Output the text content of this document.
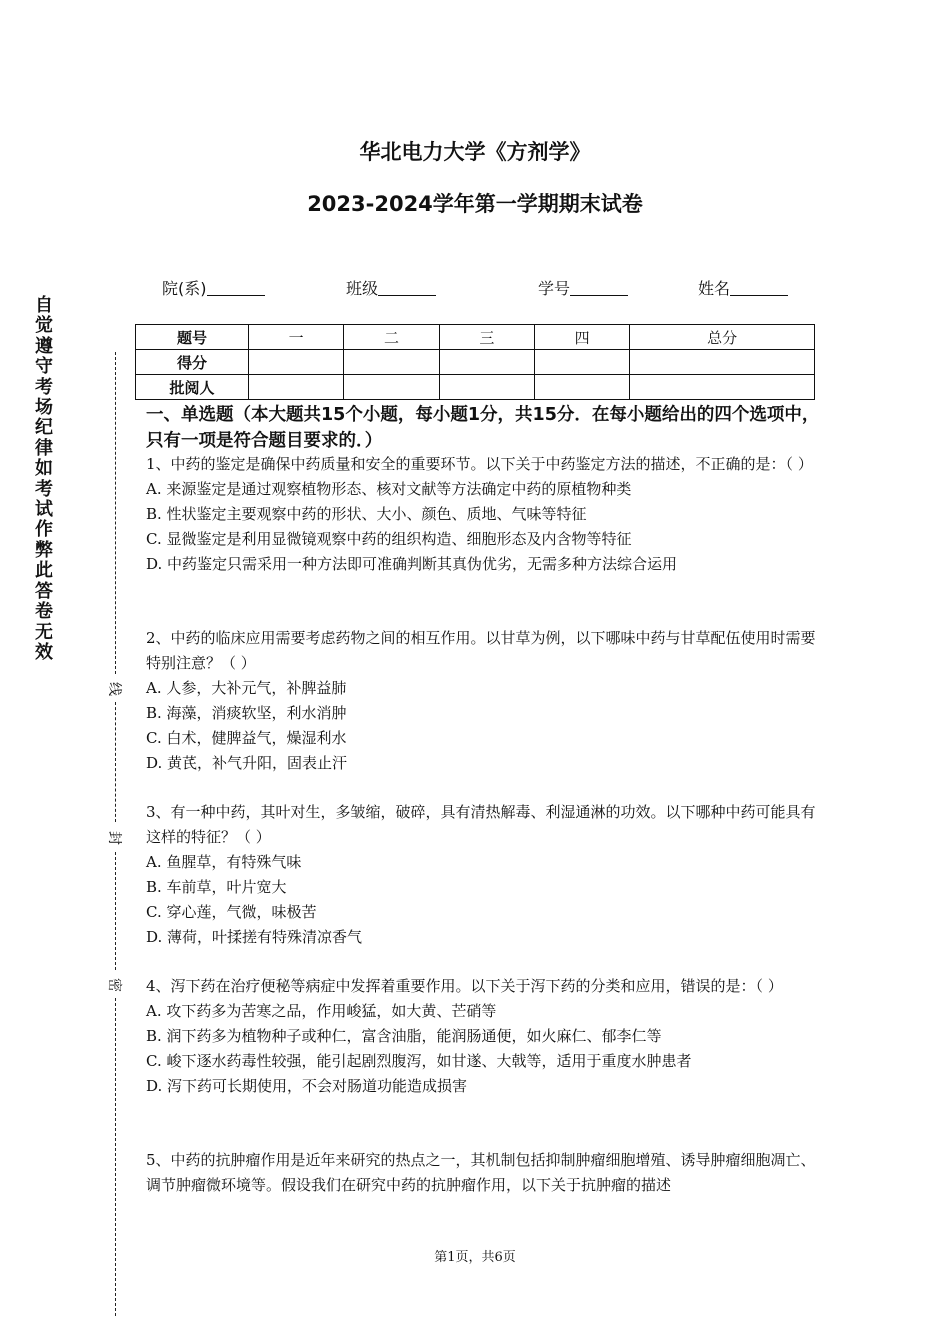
华北电力大学《方剂学》
2023-2024学年第一学期期末试卷
院(系)	班级	学号	姓名
自觉遵守考场纪律如考试作弊此答卷无效
线
封
密
题号	一	二	三	四	总分
得分					
批阅人					
一、单选题（本大题共15个小题，每小题1分，共15分．在每小题给出的四个选项中，只有一项是符合题目要求的．）

1、中药的鉴定是确保中药质量和安全的重要环节。以下关于中药鉴定方法的描述，不正确的是：（ ）

A. 来源鉴定是通过观察植物形态、核对文献等方法确定中药的原植物种类

B. 性状鉴定主要观察中药的形状、大小、颜色、质地、气味等特征

C. 显微鉴定是利用显微镜观察中药的组织构造、细胞形态及内含物等特征

D. 中药鉴定只需采用一种方法即可准确判断其真伪优劣，无需多种方法综合运用

2、中药的临床应用需要考虑药物之间的相互作用。以甘草为例，以下哪味中药与甘草配伍使用时需要特别注意？（ ）

A. 人参，大补元气，补脾益肺

B. 海藻，消痰软坚，利水消肿

C. 白术，健脾益气，燥湿利水

D. 黄芪，补气升阳，固表止汗

3、有一种中药，其叶对生，多皱缩，破碎，具有清热解毒、利湿通淋的功效。以下哪种中药可能具有这样的特征？（ ）

A. 鱼腥草，有特殊气味

B. 车前草，叶片宽大

C. 穿心莲，气微，味极苦

D. 薄荷，叶揉搓有特殊清凉香气

4、泻下药在治疗便秘等病症中发挥着重要作用。以下关于泻下药的分类和应用，错误的是：（ ）

A. 攻下药多为苦寒之品，作用峻猛，如大黄、芒硝等

B. 润下药多为植物种子或种仁，富含油脂，能润肠通便，如火麻仁、郁李仁等

C. 峻下逐水药毒性较强，能引起剧烈腹泻，如甘遂、大戟等，适用于重度水肿患者

D. 泻下药可长期使用，不会对肠道功能造成损害

5、中药的抗肿瘤作用是近年来研究的热点之一，其机制包括抑制肿瘤细胞增殖、诱导肿瘤细胞凋亡、调节肿瘤微环境等。假设我们在研究中药的抗肿瘤作用，以下关于抗肿瘤的描述

第1页，共6页
